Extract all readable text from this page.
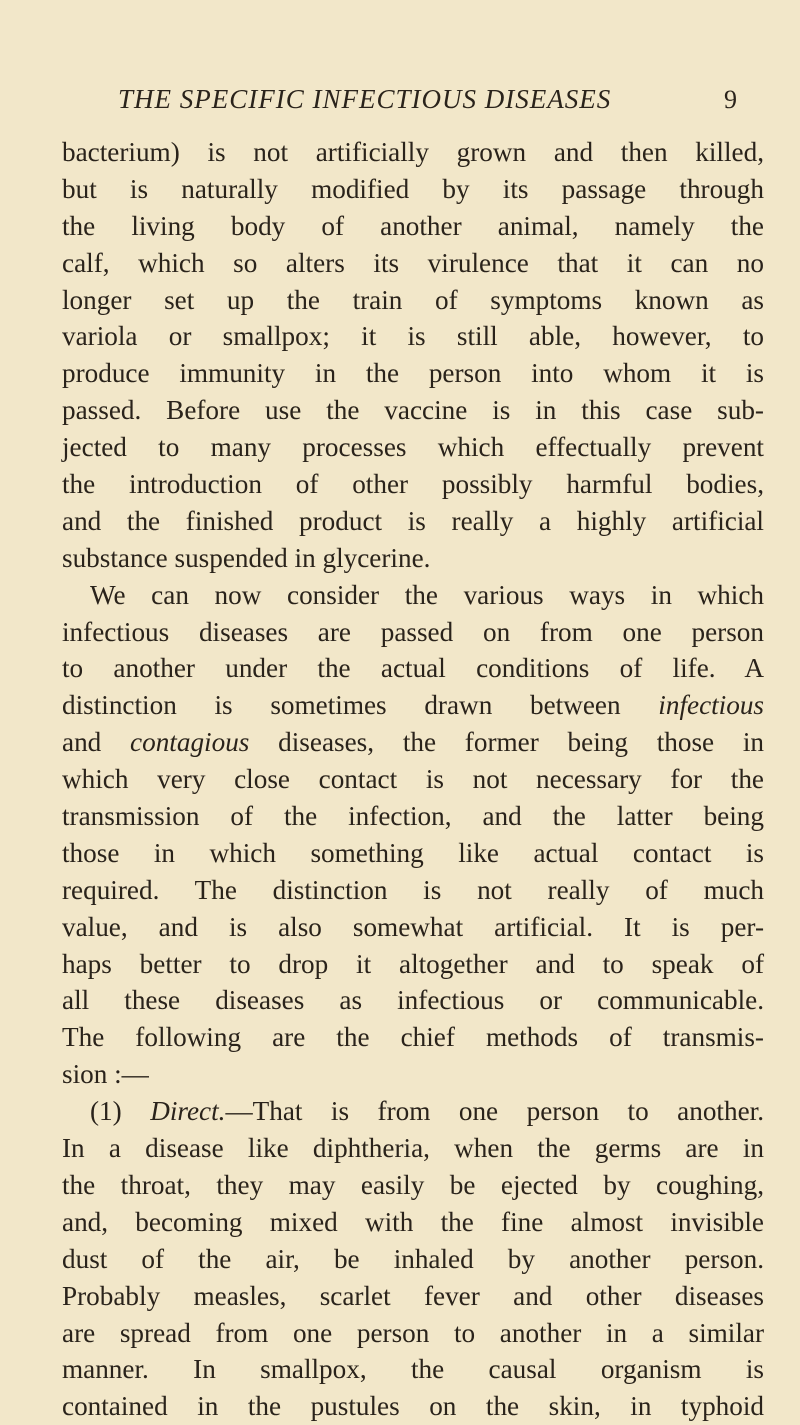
THE SPECIFIC INFECTIOUS DISEASES	9
bacterium) is not artificially grown and then killed,
but is naturally modified by its passage through
the living body of another animal, namely the
calf, which so alters its virulence that it can no
longer set up the train of symptoms known as
variola or smallpox; it is still able, however, to
produce immunity in the person into whom it is
passed. Before use the vaccine is in this case sub-
jected to many processes which effectually prevent
the introduction of other possibly harmful bodies,
and the finished product is really a highly artificial
substance suspended in glycerine.
We can now consider the various ways in which
infectious diseases are passed on from one person
to another under the actual conditions of life. A
distinction is sometimes drawn between infectious
and contagious diseases, the former being those in
which very close contact is not necessary for the
transmission of the infection, and the latter being
those in which something like actual contact is
required. The distinction is not really of much
value, and is also somewhat artificial. It is per-
haps better to drop it altogether and to speak of
all these diseases as infectious or communicable.
The following are the chief methods of transmis-
sion :—
(1) Direct.—That is from one person to another.
In a disease like diphtheria, when the germs are in
the throat, they may easily be ejected by coughing,
and, becoming mixed with the fine almost invisible
dust of the air, be inhaled by another person.
Probably measles, scarlet fever and other diseases
are spread from one person to another in a similar
manner. In smallpox, the causal organism is
contained in the pustules on the skin, in typhoid
